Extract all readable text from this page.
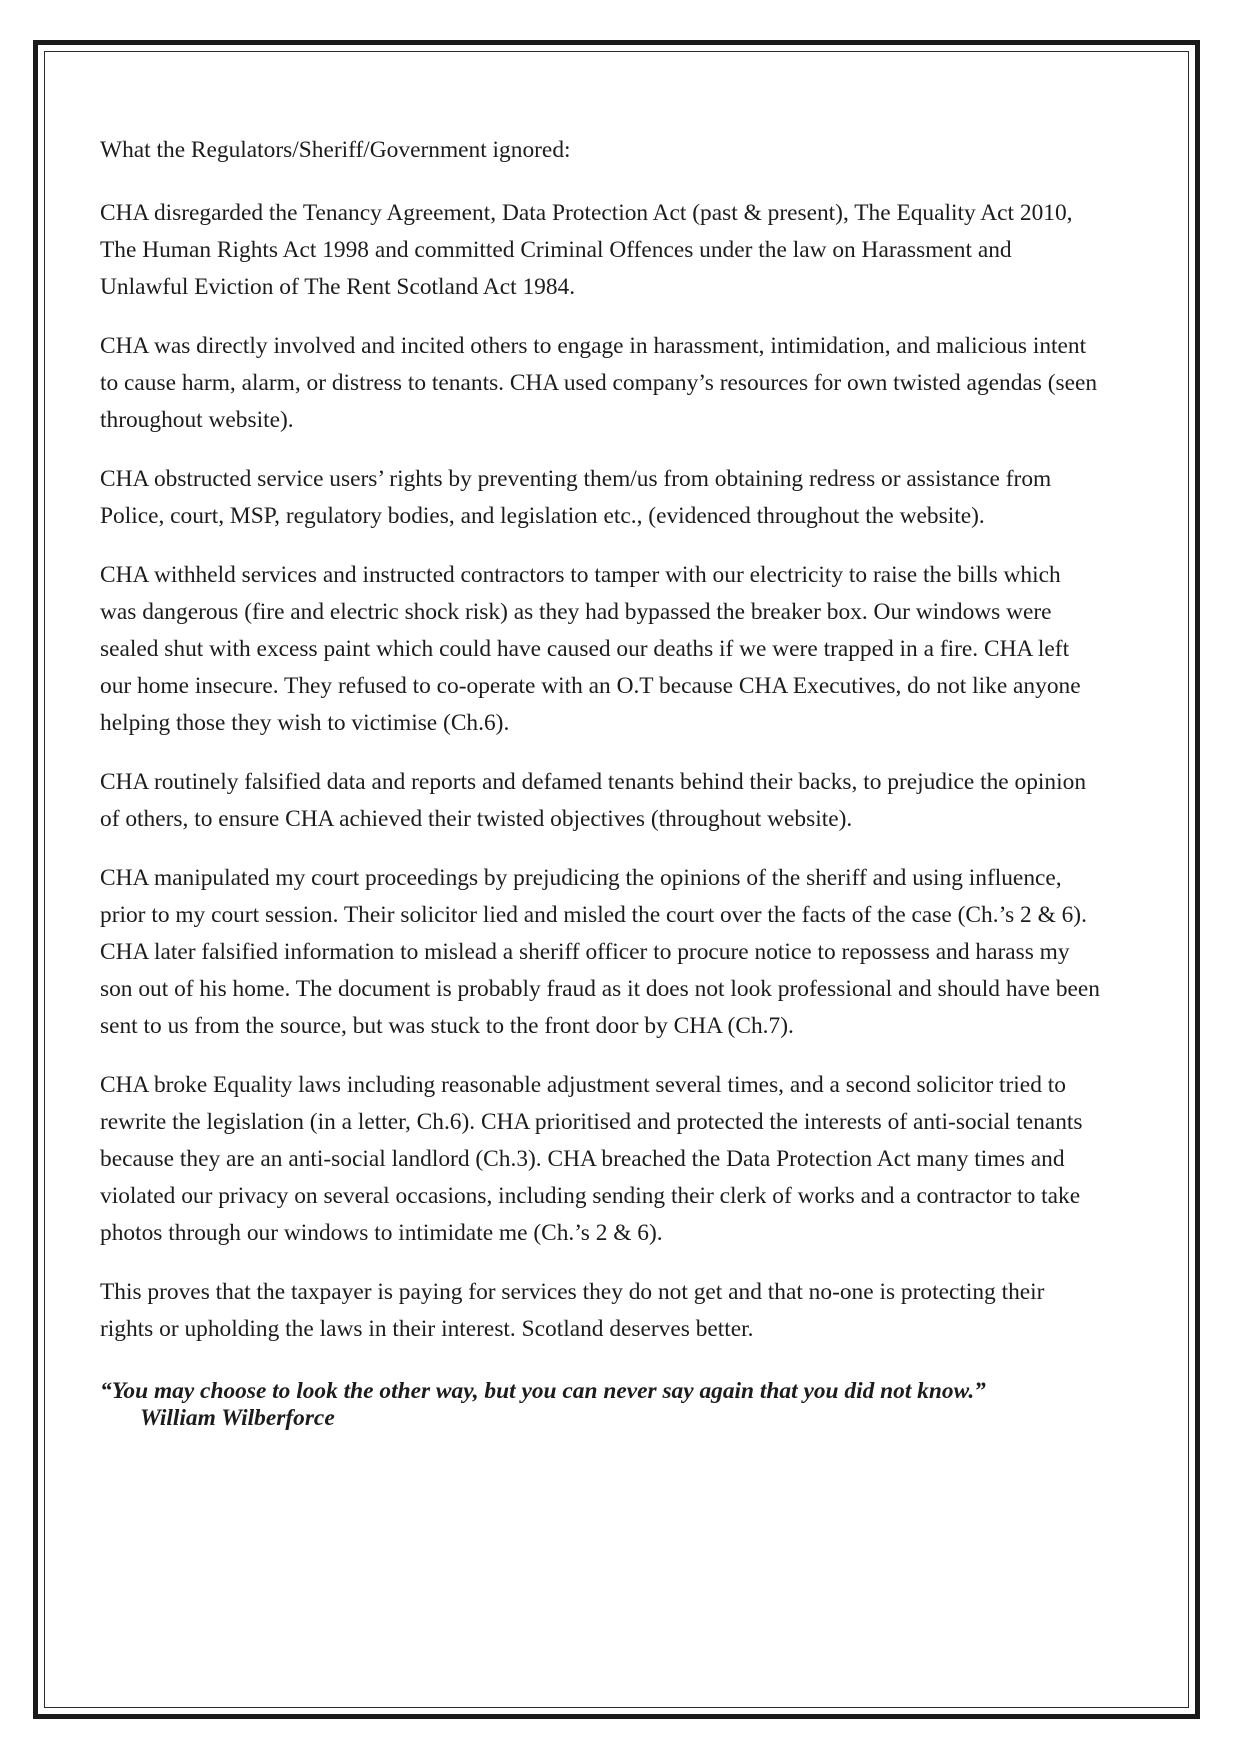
What the Regulators/Sheriff/Government ignored:

CHA disregarded the Tenancy Agreement, Data Protection Act (past & present), The Equality Act 2010, The Human Rights Act 1998 and committed Criminal Offences under the law on Harassment and Unlawful Eviction of The Rent Scotland Act 1984.

CHA was directly involved and incited others to engage in harassment, intimidation, and malicious intent to cause harm, alarm, or distress to tenants. CHA used company’s resources for own twisted agendas (seen throughout website).

CHA obstructed service users’ rights by preventing them/us from obtaining redress or assistance from Police, court, MSP, regulatory bodies, and legislation etc., (evidenced throughout the website).

CHA withheld services and instructed contractors to tamper with our electricity to raise the bills which was dangerous (fire and electric shock risk) as they had bypassed the breaker box. Our windows were sealed shut with excess paint which could have caused our deaths if we were trapped in a fire. CHA left our home insecure. They refused to co-operate with an O.T because CHA Executives, do not like anyone helping those they wish to victimise (Ch.6).

CHA routinely falsified data and reports and defamed tenants behind their backs, to prejudice the opinion of others, to ensure CHA achieved their twisted objectives (throughout website).

CHA manipulated my court proceedings by prejudicing the opinions of the sheriff and using influence, prior to my court session. Their solicitor lied and misled the court over the facts of the case (Ch.’s 2 & 6). CHA later falsified information to mislead a sheriff officer to procure notice to repossess and harass my son out of his home. The document is probably fraud as it does not look professional and should have been sent to us from the source, but was stuck to the front door by CHA (Ch.7).

CHA broke Equality laws including reasonable adjustment several times, and a second solicitor tried to rewrite the legislation (in a letter, Ch.6). CHA prioritised and protected the interests of anti-social tenants because they are an anti-social landlord (Ch.3). CHA breached the Data Protection Act many times and violated our privacy on several occasions, including sending their clerk of works and a contractor to take photos through our windows to intimidate me (Ch.’s 2 & 6).

This proves that the taxpayer is paying for services they do not get and that no-one is protecting their rights or upholding the laws in their interest. Scotland deserves better.

“You may choose to look the other way, but you can never say again that you did not know.”William Wilberforce
